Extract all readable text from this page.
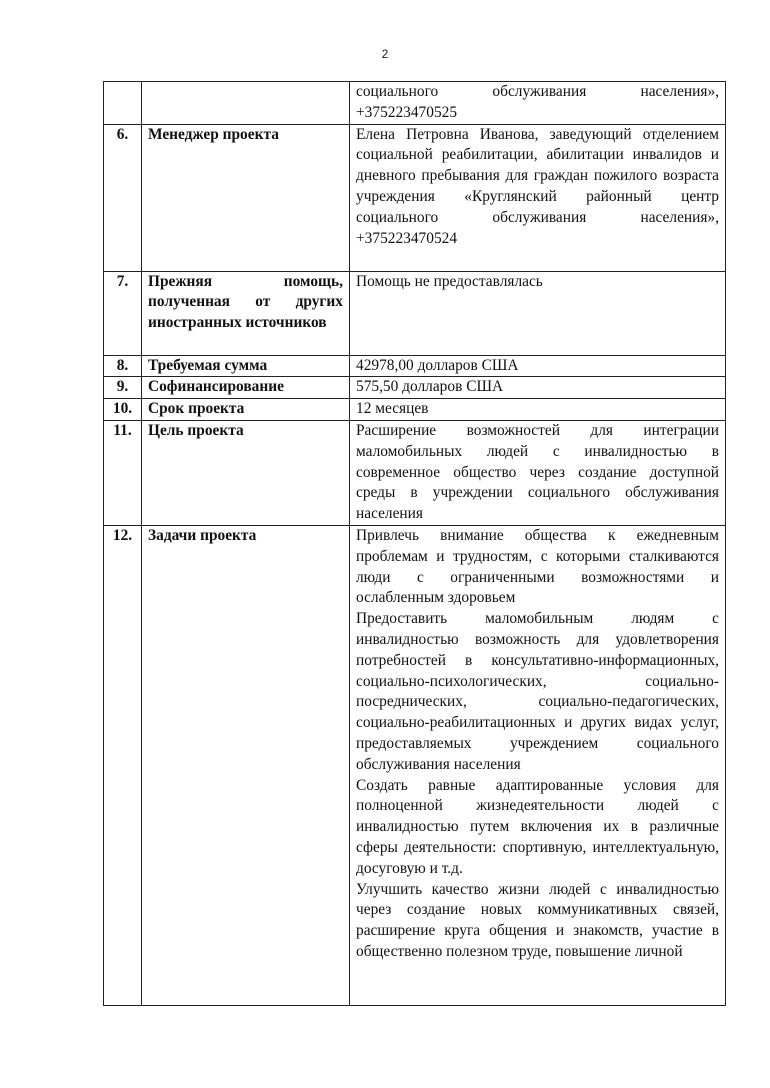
2
		социального обслуживания населения», +375223470525
6.	Менеджер проекта	Елена Петровна Иванова, заведующий отделением социальной реабилитации, абилитации инвалидов и дневного пребывания для граждан пожилого возраста учреждения «Круглянский районный центр социального обслуживания населения», +375223470524
7.	Прежняя помощь, полученная от других иностранных источников	Помощь не предоставлялась
8.	Требуемая сумма	42978,00 долларов США
9.	Софинансирование	575,50 долларов США
10.	Срок проекта	12 месяцев
11.	Цель проекта	Расширение возможностей для интеграции маломобильных людей с инвалидностью в современное общество через создание доступной среды в учреждении социального обслуживания населения
12.	Задачи проекта	Привлечь внимание общества к ежедневным проблемам и трудностям, с которыми сталкиваются люди с ограниченными возможностями и ослабленным здоровьем
Предоставить маломобильным людям с инвалидностью возможность для удовлетворения потребностей в консультативно-информационных, социально-психологических, социально-посреднических, социально-педагогических, социально-реабилитационных и других видах услуг, предоставляемых учреждением социального обслуживания населения
Создать равные адаптированные условия для полноценной жизнедеятельности людей с инвалидностью путем включения их в различные сферы деятельности: спортивную, интеллектуальную, досуговую и т.д.
Улучшить качество жизни людей с инвалидностью через создание новых коммуникативных связей, расширение круга общения и знакомств, участие в общественно полезном труде, повышение личной
